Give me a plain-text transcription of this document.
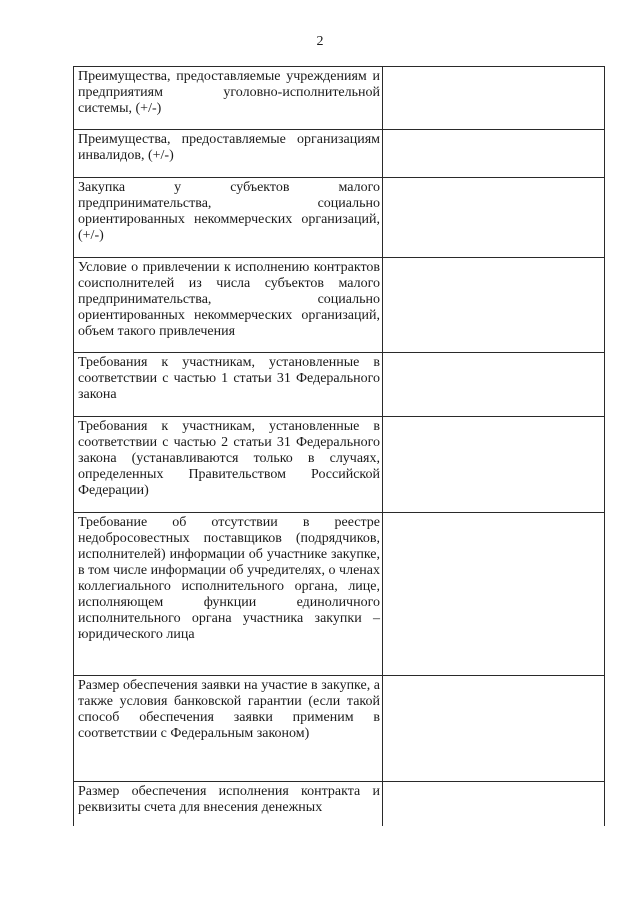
2
Преимущества, предоставляемые учреждениям и предприятиям уголовно-исполнительной системы, (+/-)	

Преимущества, предоставляемые организациям инвалидов, (+/-)	

Закупка у субъектов малого предпринимательства, социально ориентированных некоммерческих организаций, (+/-)	

Условие о привлечении к исполнению контрактов соисполнителей из числа субъектов малого предпринимательства, социально ориентированных некоммерческих организаций, объем такого привлечения	

Требования к участникам, установленные в соответствии с частью 1 статьи 31 Федерального закона	

Требования к участникам, установленные в соответствии с частью 2 статьи 31 Федерального закона (устанавливаются только в случаях, определенных Правительством Российской Федерации)	

Требование об отсутствии в реестре недобросовестных поставщиков (подрядчиков, исполнителей) информации об участнике закупке, в том числе информации об учредителях, о членах коллегиального исполнительного органа, лице, исполняющем функции единоличного исполнительного органа участника закупки – юридического лица	

Размер обеспечения заявки на участие в закупке, а также условия банковской гарантии (если такой способ обеспечения заявки применим в соответствии с Федеральным законом)	

Размер обеспечения исполнения контракта и реквизиты счета для внесения денежных	
